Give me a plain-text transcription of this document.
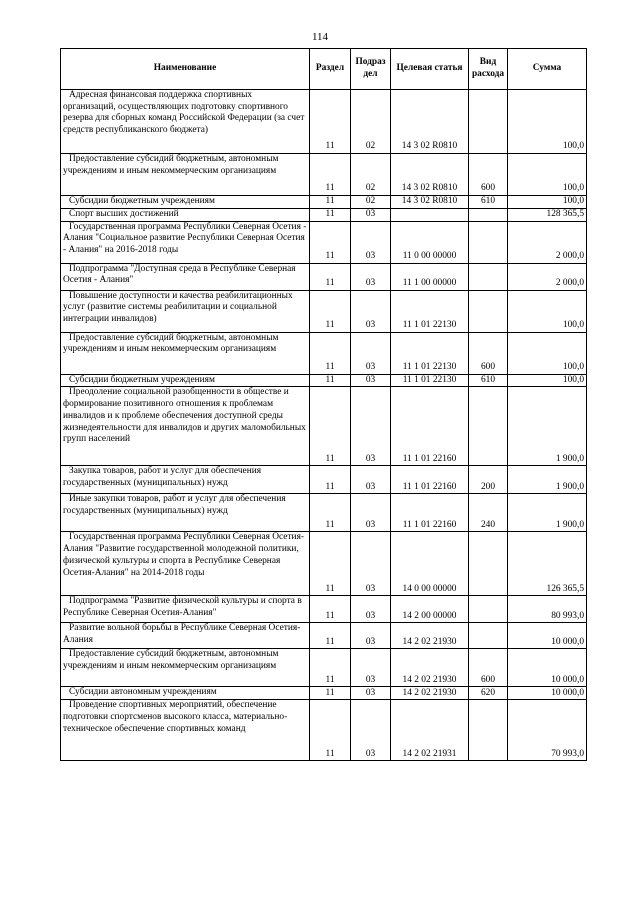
114
Наименование	Раздел	Подраз дел	Целевая статья	Вид расхода	Сумма

Адресная финансовая поддержка спортивных организаций, осуществляющих подготовку спортивного резерва для сборных команд Российской Федерации (за счет средств республиканского бюджета)	11	02	14 3 02 R0810		100,0

Предоставление субсидий бюджетным, автономным учреждениям и иным некоммерческим организациям	11	02	14 3 02 R0810	600	100,0

Субсидии бюджетным учреждениям	11	02	14 3 02 R0810	610	100,0

Спорт высших достижений	11	03			128 365,5

Государственная программа Республики Северная Осетия - Алания "Социальное развитие Республики Северная Осетия - Алания" на 2016-2018 годы	11	03	11 0 00 00000		2 000,0

Подпрограмма "Доступная среда в Республике Северная Осетия - Алания"	11	03	11 1 00 00000		2 000,0

Повышение доступности и качества реабилитационных услуг (развитие системы реабилитации и социальной интеграции инвалидов)	11	03	11 1 01 22130		100,0

Предоставление субсидий бюджетным, автономным учреждениям и иным некоммерческим организациям	11	03	11 1 01 22130	600	100,0

Субсидии бюджетным учреждениям	11	03	11 1 01 22130	610	100,0

Преодоление социальной разобщенности в обществе и формирование позитивного отношения к проблемам инвалидов и к проблеме обеспечения доступной среды жизнедеятельности для инвалидов и других маломобильных групп населений	11	03	11 1 01 22160		1 900,0

Закупка товаров, работ и услуг для обеспечения государственных (муниципальных) нужд	11	03	11 1 01 22160	200	1 900,0

Иные закупки товаров, работ и услуг для обеспечения государственных (муниципальных) нужд	11	03	11 1 01 22160	240	1 900,0

Государственная программа Республики Северная Осетия-Алания "Развитие государственной молодежной политики, физической культуры и спорта в Республике Северная Осетия-Алания" на 2014-2018 годы	11	03	14 0 00 00000		126 365,5

Подпрограмма "Развитие физической культуры и спорта в Республике Северная Осетия-Алания"	11	03	14 2 00 00000		80 993,0

Развитие вольной борьбы в Республике Северная Осетия-Алания	11	03	14 2 02 21930		10 000,0

Предоставление субсидий бюджетным, автономным учреждениям и иным некоммерческим организациям	11	03	14 2 02 21930	600	10 000,0

Субсидии автономным учреждениям	11	03	14 2 02 21930	620	10 000,0

Проведение спортивных мероприятий, обеспечение подготовки спортсменов высокого класса, материально-техническое обеспечение спортивных команд	11	03	14 2 02 21931		70 993,0
